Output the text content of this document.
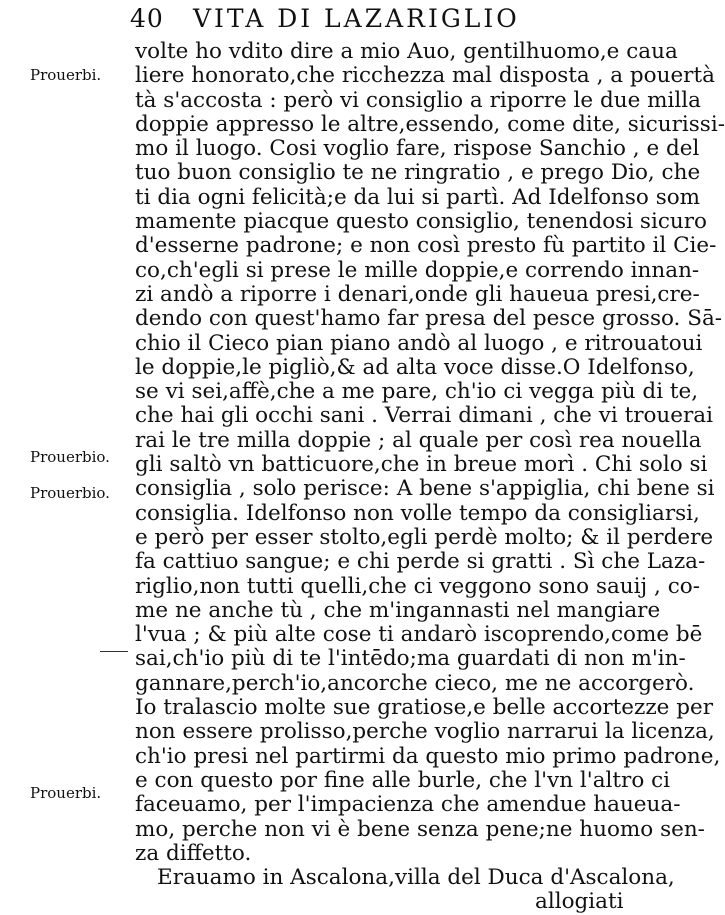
40 VITA DI LAZARIGLIO
Prouerbi.
Prouerbio.
Prouerbio.
Prouerbi.
volte ho vdito dire a mio Auo, gentilhuomo,e caua
liere honorato,che ricchezza mal disposta , a pouertà
tà s'accosta : però vi consiglio a riporre le due milla
doppie appresso le altre,essendo, come dite, sicurissi-
mo il luogo. Cosi voglio fare, rispose Sanchio , e del
tuo buon consiglio te ne ringratio , e prego Dio, che
ti dia ogni felicità;e da lui si partì. Ad Idelfonso som
mamente piacque questo consiglio, tenendosi sicuro
d'esserne padrone; e non così presto fù partito il Cie-
co,ch'egli si prese le mille doppie,e correndo innan-
zi andò a riporre i denari,onde gli haueua presi,cre-
dendo con quest'hamo far presa del pesce grosso. Sā-
chio il Cieco pian piano andò al luogo , e ritrouatoui
le doppie,le pigliò,& ad alta voce disse.O Idelfonso,
se vi sei,affè,che a me pare, ch'io ci vegga più di te,
che hai gli occhi sani . Verrai dimani , che vi trouerai
rai le tre milla doppie ; al quale per così rea nouella
gli saltò vn batticuore,che in breue morì . Chi solo si
consiglia , solo perisce: A bene s'appiglia, chi bene si
consiglia. Idelfonso non volle tempo da consigliarsi,
e però per esser stolto,egli perdè molto; & il perdere
fa cattiuo sangue; e chi perde si gratti . Sì che Laza-
riglio,non tutti quelli,che ci veggono sono sauij , co-
me ne anche tù , che m'ingannasti nel mangiare
l'vua ; & più alte cose ti andarò iscoprendo,come bē
sai,ch'io più di te l'intēdo;ma guardati di non m'in-
gannare,perch'io,ancorche cieco, me ne accorgerò.
Io tralascio molte sue gratiose,e belle accortezze per
non essere prolisso,perche voglio narrarui la licenza,
ch'io presi nel partirmi da questo mio primo padrone,
e con questo por fine alle burle, che l'vn l'altro ci
faceuamo, per l'impacienza che amendue haueua-
mo, perche non vi è bene senza pene;ne huomo sen-
za diffetto.
Erauamo in Ascalona,villa del Duca d'Ascalona,
allogiati
